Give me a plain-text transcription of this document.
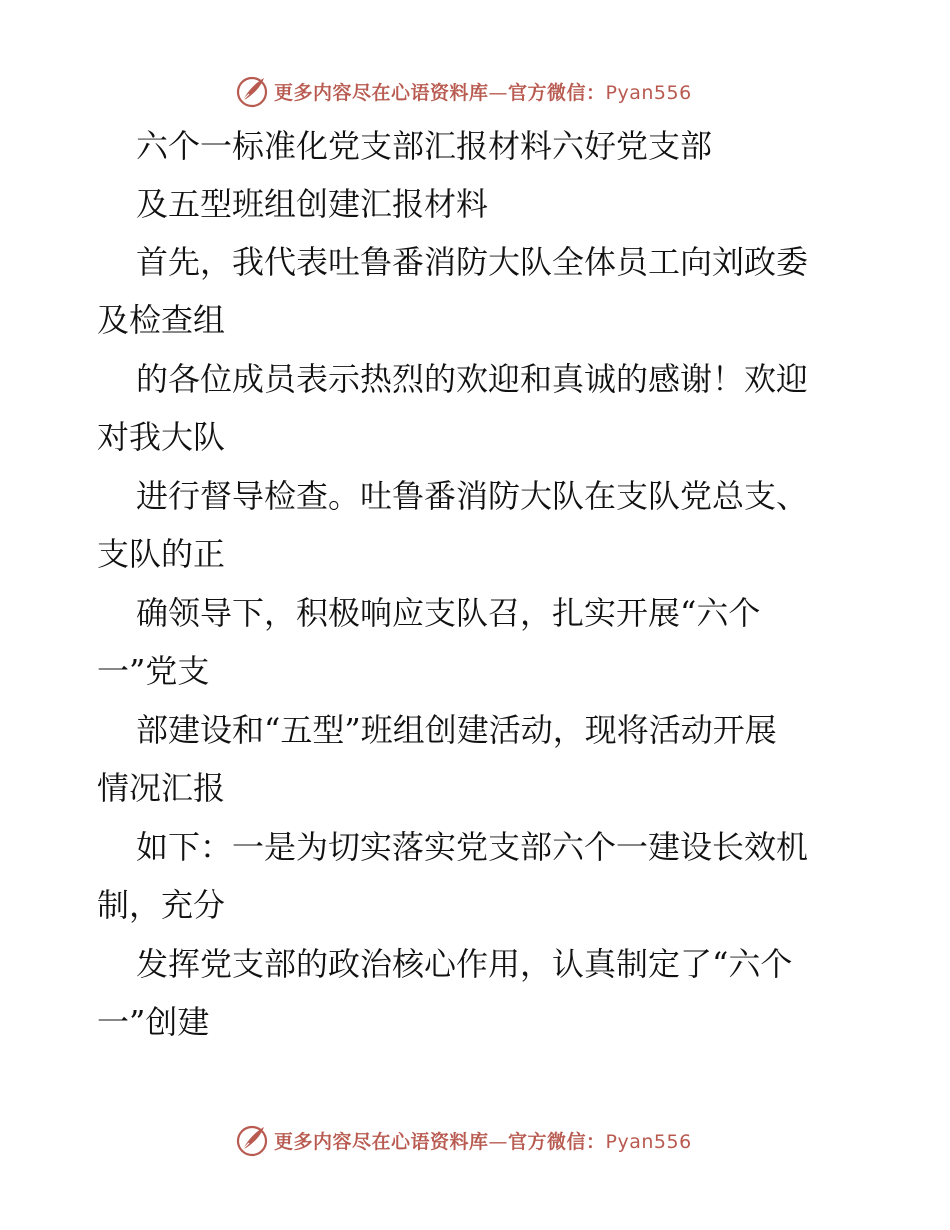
更多内容尽在心语资料库—官方微信：Pyan556
六个一标准化党支部汇报材料六好党支部
及五型班组创建汇报材料
首先，我代表吐鲁番消防大队全体员工向刘政委
及检查组
的各位成员表示热烈的欢迎和真诚的感谢！欢迎
对我大队
进行督导检查。吐鲁番消防大队在支队党总支、
支队的正
确领导下，积极响应支队召，扎实开展“六个
一”党支
部建设和“五型”班组创建活动，现将活动开展
情况汇报
如下：一是为切实落实党支部六个一建设长效机
制，充分
发挥党支部的政治核心作用，认真制定了“六个
一”创建
更多内容尽在心语资料库—官方微信：Pyan556
